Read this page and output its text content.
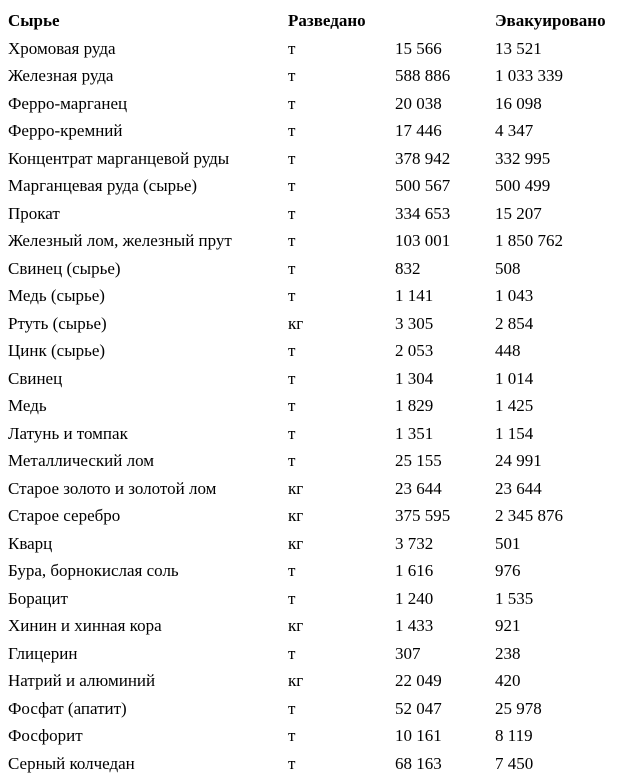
Сырье	Разведано		Эвакуировано
Хромовая руда	т	15 566	13 521
Железная руда	т	588 886	1 033 339
Ферро-марганец	т	20 038	16 098
Ферро-кремний	т	17 446	4 347
Концентрат марганцевой руды	т	378 942	332 995
Марганцевая руда (сырье)	т	500 567	500 499
Прокат	т	334 653	15 207
Железный лом, железный прут	т	103 001	1 850 762
Свинец (сырье)	т	832	508
Медь (сырье)	т	1 141	1 043
Ртуть (сырье)	кг	3 305	2 854
Цинк (сырье)	т	2 053	448
Свинец	т	1 304	1 014
Медь	т	1 829	1 425
Латунь и томпак	т	1 351	1 154
Металлический лом	т	25 155	24 991
Старое золото и золотой лом	кг	23 644	23 644
Старое серебро	кг	375 595	2 345 876
Кварц	кг	3 732	501
Бура, борнокислая соль	т	1 616	976
Борацит	т	1 240	1 535
Хинин и хинная кора	кг	1 433	921
Глицерин	т	307	238
Натрий и алюминий	кг	22 049	420
Фосфат (апатит)	т	52 047	25 978
Фосфорит	т	10 161	8 119
Серный колчедан	т	68 163	7 450
